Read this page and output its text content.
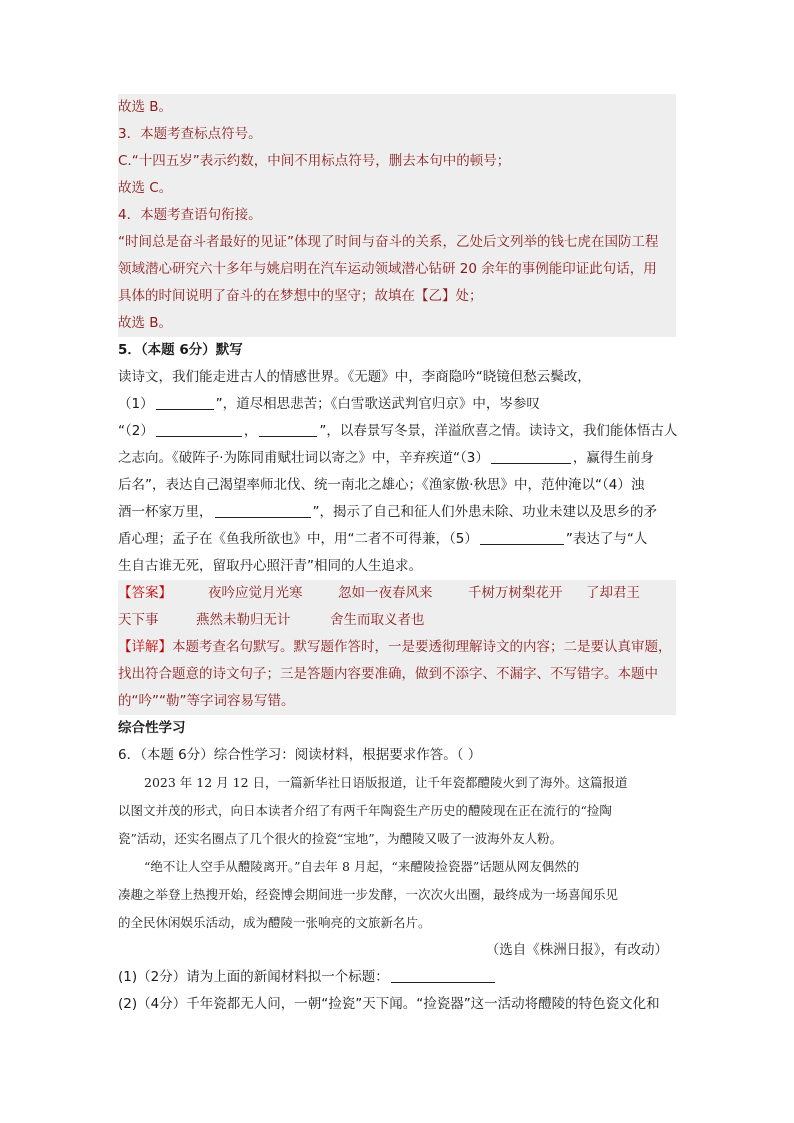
故选 B。
3．本题考查标点符号。
C.“十四五岁”表示约数，中间不用标点符号，删去本句中的顿号；
故选 C。
4．本题考查语句衔接。
“时间总是奋斗者最好的见证”体现了时间与奋斗的关系，乙处后文列举的钱七虎在国防工程
领域潜心研究六十多年与姚启明在汽车运动领域潜心钻研 20 余年的事例能印证此句话，用
具体的时间说明了奋斗的在梦想中的坚守；故填在【乙】处；
故选 B。
5．（本题 6分）默写
读诗文，我们能走进古人的情感世界。《无题》中，李商隐吟“晓镜但愁云鬓改，
（1）	”，道尽相思悲苦；《白雪歌送武判官归京》中，岑参叹
“（2）	，	”，以春景写冬景，洋溢欣喜之情。读诗文，我们能体悟古人
之志向。《破阵子·为陈同甫赋壮词以寄之》中，辛弃疾道“（3）	，赢得生前身
后名”，表达自己渴望率师北伐、统一南北之雄心；《渔家傲·秋思》中，范仲淹以“（4）浊
酒一杯家万里，	”，揭示了自己和征人们外患未除、功业未建以及思乡的矛
盾心理；孟子在《鱼我所欲也》中，用“二者不可得兼，（5）	”表达了与“人
生自古谁无死，留取丹心照汗青”相同的人生追求。
【答案】	夜吟应觉月光寒	忽如一夜春风来	千树万树梨花开	了却君王
天下事	燕然未勒归无计	舍生而取义者也
【详解】本题考查名句默写。默写题作答时，一是要透彻理解诗文的内容；二是要认真审题，
找出符合题意的诗文句子；三是答题内容要准确，做到不添字、不漏字、不写错字。本题中
的“吟”“勒”等字词容易写错。
综合性学习
6．（本题 6分）综合性学习：阅读材料，根据要求作答。（ ）
2023 年 12 月 12 日，一篇新华社日语版报道，让千年瓷都醴陵火到了海外。这篇报道
以图文并茂的形式，向日本读者介绍了有两千年陶瓷生产历史的醴陵现在正在流行的“捡陶
瓷”活动，还实名圈点了几个很火的捡瓷“宝地”，为醴陵又吸了一波海外友人粉。
“绝不让人空手从醴陵离开。”自去年 8 月起，“来醴陵捡瓷器”话题从网友偶然的
凑趣之举登上热搜开始，经瓷博会期间进一步发酵，一次次火出圈，最终成为一场喜闻乐见
的全民休闲娱乐活动，成为醴陵一张响亮的文旅新名片。
（选自《株洲日报》，有改动）
(1)（2分）请为上面的新闻材料拟一个标题：
(2)（4分）千年瓷都无人问，一朝“捡瓷”天下闻。“捡瓷器”这一活动将醴陵的特色瓷文化和
